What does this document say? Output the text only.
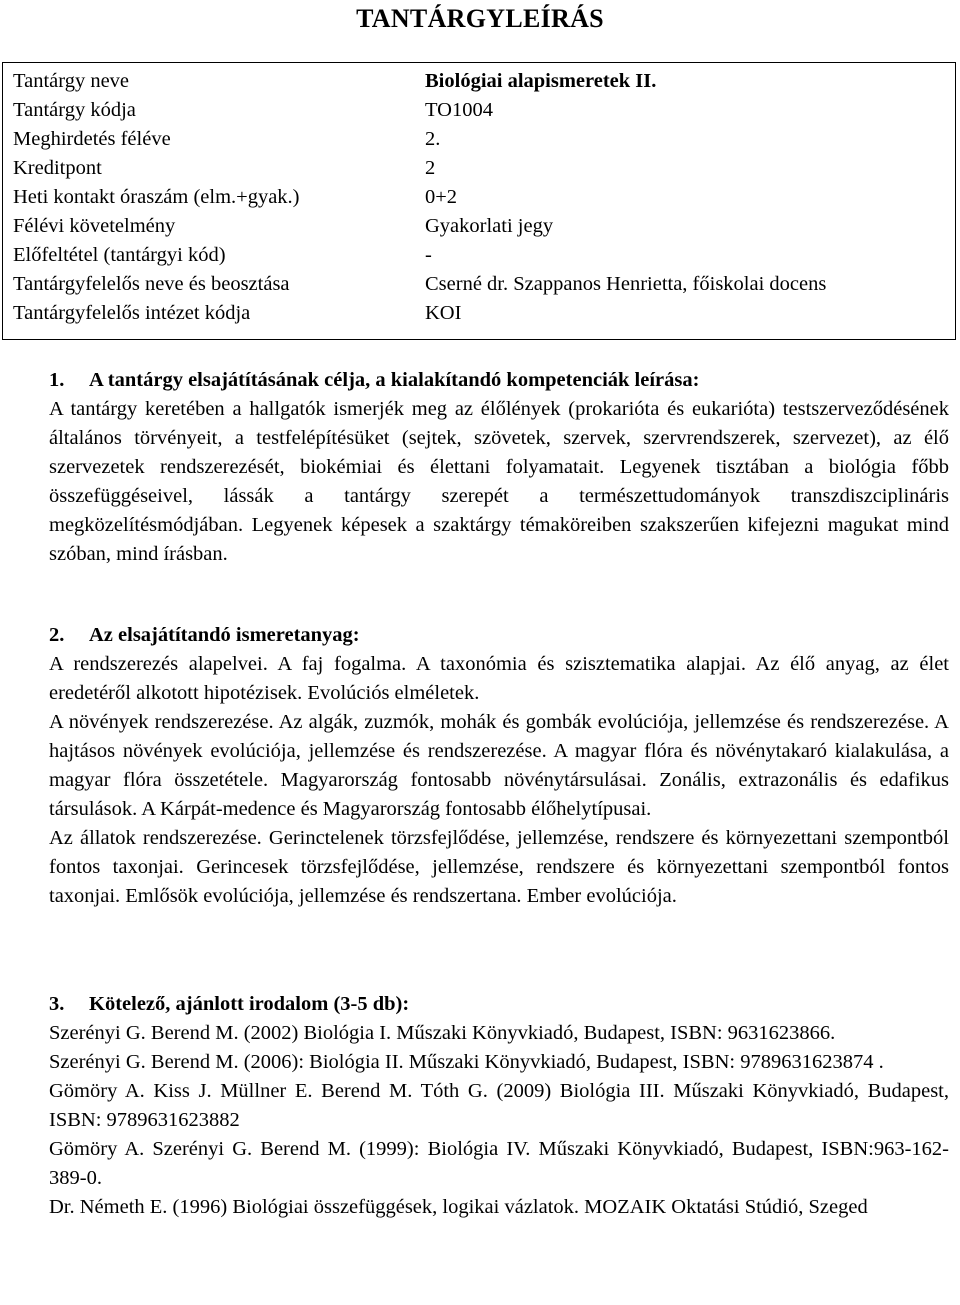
TANTÁRGYLEÍRÁS
Tantárgy neve	Biológiai alapismeretek II.
Tantárgy kódja	TO1004
Meghirdetés féléve	2.
Kreditpont	2
Heti kontakt óraszám (elm.+gyak.)	0+2
Félévi követelmény	Gyakorlati jegy
Előfeltétel (tantárgyi kód)	-
Tantárgyfelelős neve és beosztása	Cserné dr. Szappanos Henrietta, főiskolai docens
Tantárgyfelelős intézet kódja	KOI
1. A tantárgy elsajátításának célja, a kialakítandó kompetenciák leírása:
A tantárgy keretében a hallgatók ismerjék meg az élőlények (prokarióta és eukarióta) testszerveződésének általános törvényeit, a testfelépítésüket (sejtek, szövetek, szervek, szervrendszerek, szervezet), az élő szervezetek rendszerezését, biokémiai és élettani folyamatait. Legyenek tisztában a biológia főbb összefüggéseivel, lássák a tantárgy szerepét a természettudományok transzdiszciplináris megközelítésmódjában. Legyenek képesek a szaktárgy témaköreiben szakszerűen kifejezni magukat mind szóban, mind írásban.
2. Az elsajátítandó ismeretanyag:
A rendszerezés alapelvei. A faj fogalma. A taxonómia és szisztematika alapjai. Az élő anyag, az élet eredetéről alkotott hipotézisek. Evolúciós elméletek.
A növények rendszerezése. Az algák, zuzmók, mohák és gombák evolúciója, jellemzése és rendszerezése. A hajtásos növények evolúciója, jellemzése és rendszerezése. A magyar flóra és növénytakaró kialakulása, a magyar flóra összetétele. Magyarország fontosabb növénytársulásai. Zonális, extrazonális és edafikus társulások. A Kárpát-medence és Magyarország fontosabb élőhelytípusai.
Az állatok rendszerezése. Gerinctelenek törzsfejlődése, jellemzése, rendszere és környezettani szempontból fontos taxonjai. Gerincesek törzsfejlődése, jellemzése, rendszere és környezettani szempontból fontos taxonjai. Emlősök evolúciója, jellemzése és rendszertana. Ember evolúciója.
3. Kötelező, ajánlott irodalom (3-5 db):
Szerényi G. Berend M. (2002) Biológia I. Műszaki Könyvkiadó, Budapest, ISBN: 9631623866.
Szerényi G. Berend M. (2006): Biológia II. Műszaki Könyvkiadó, Budapest, ISBN: 9789631623874 .
Gömöry A. Kiss J. Müllner E. Berend M. Tóth G. (2009) Biológia III. Műszaki Könyvkiadó, Budapest, ISBN: 9789631623882
Gömöry A. Szerényi G. Berend M. (1999): Biológia IV. Műszaki Könyvkiadó, Budapest, ISBN:963-162-389-0.
Dr. Németh E. (1996) Biológiai összefüggések, logikai vázlatok. MOZAIK Oktatási Stúdió, Szeged
